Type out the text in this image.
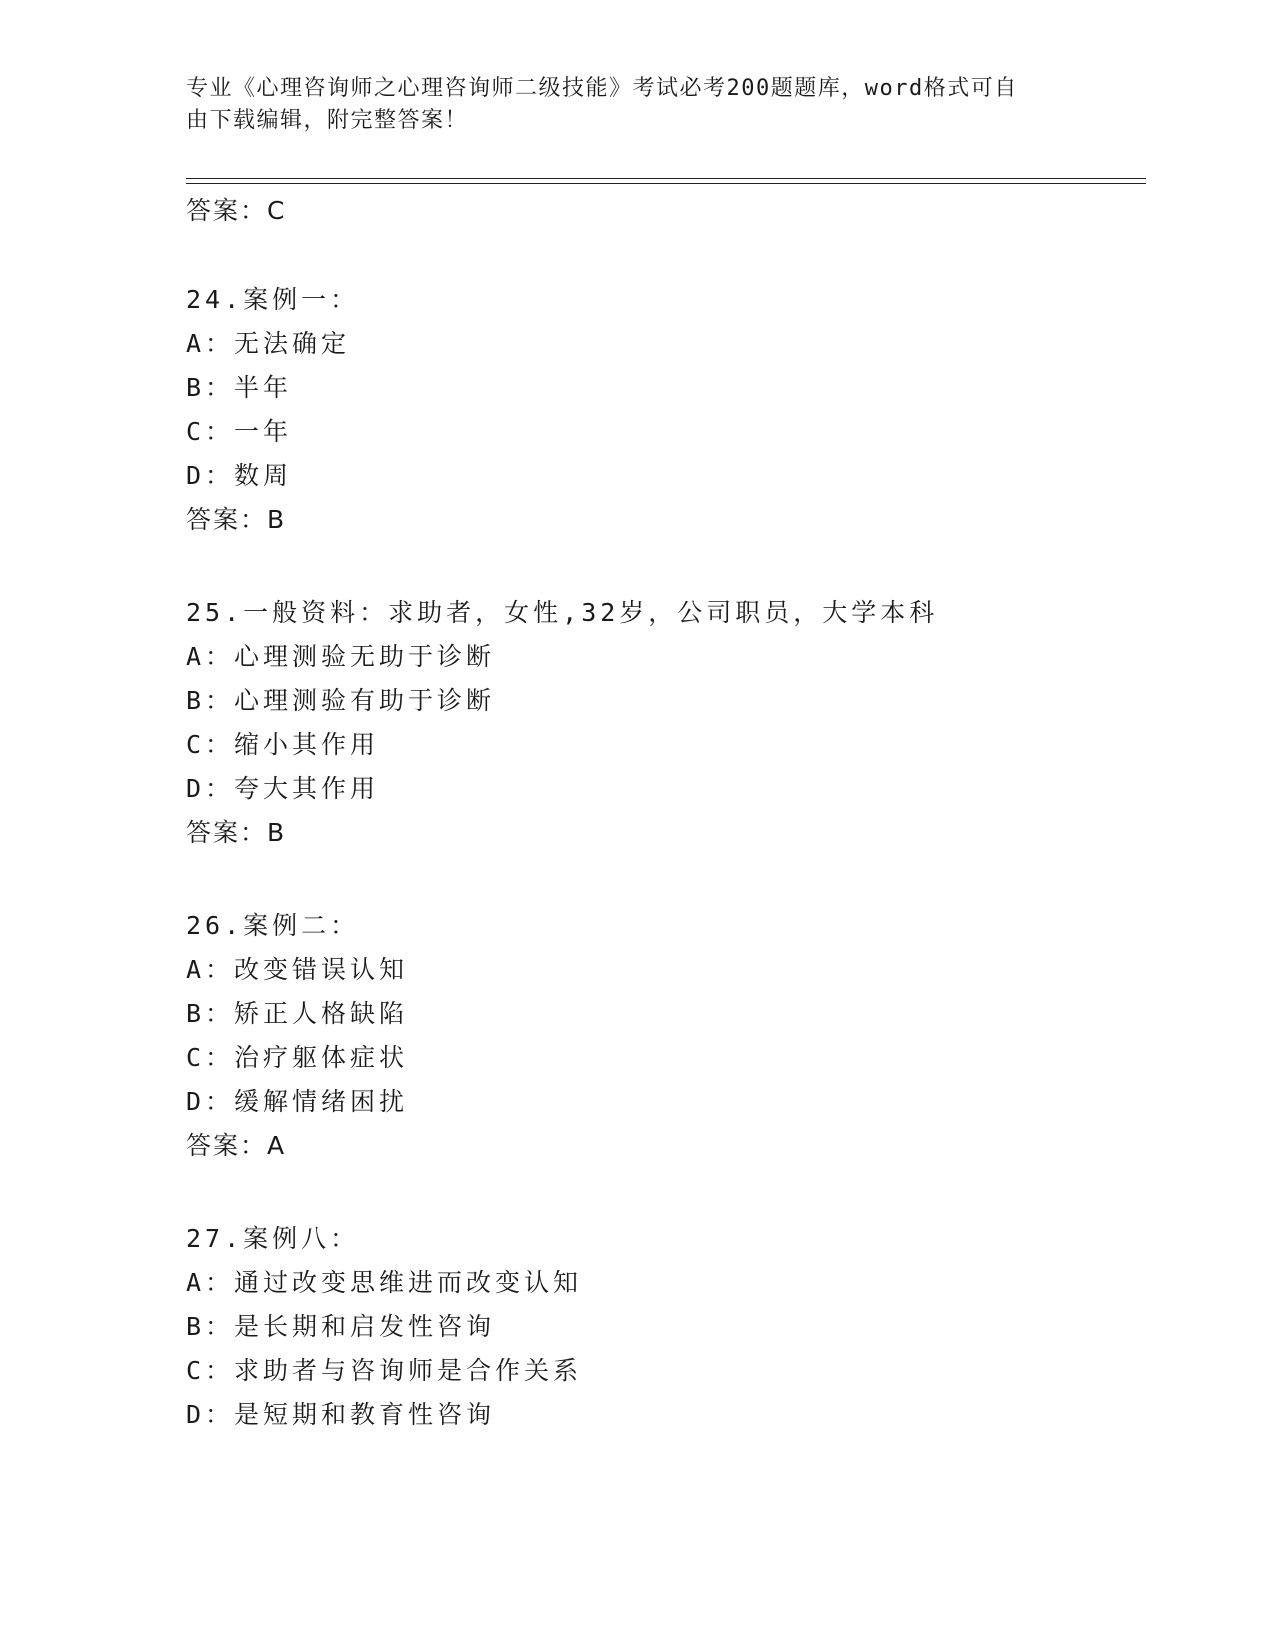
专业《心理咨询师之心理咨询师二级技能》考试必考200题题库，word格式可自
由下载编辑，附完整答案！
答案：C
24.案例一：
A：无法确定
B：半年
C：一年
D：数周
答案：B
25.一般资料：求助者，女性,32岁，公司职员，大学本科
A：心理测验无助于诊断
B：心理测验有助于诊断
C：缩小其作用
D：夸大其作用
答案：B
26.案例二：
A：改变错误认知
B：矫正人格缺陷
C：治疗躯体症状
D：缓解情绪困扰
答案：A
27.案例八：
A：通过改变思维进而改变认知
B：是长期和启发性咨询
C：求助者与咨询师是合作关系
D：是短期和教育性咨询
